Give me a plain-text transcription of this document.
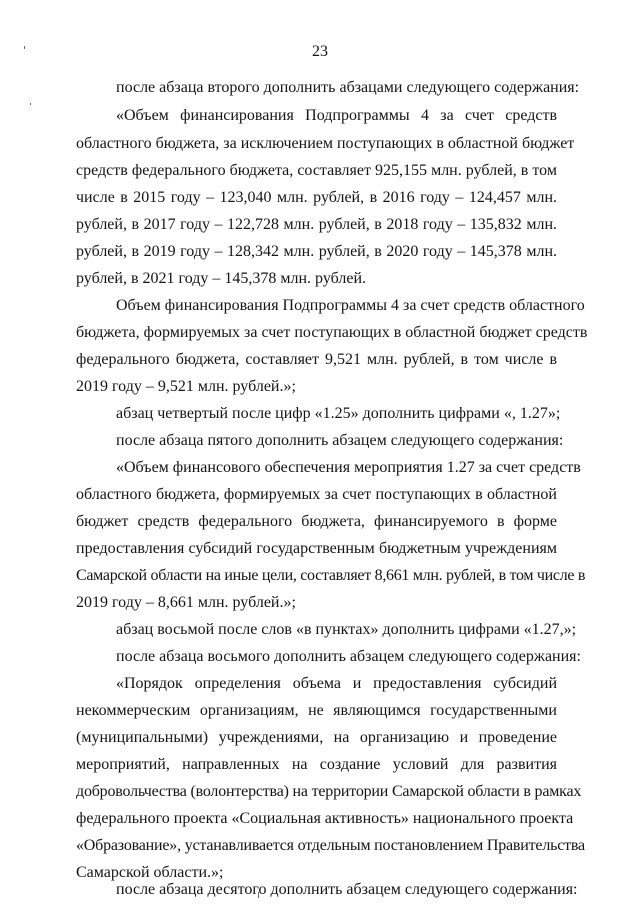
23
после абзаца второго дополнить абзацами следующего содержания:
«Объем финансирования Подпрограммы 4 за счет средств
областного бюджета, за исключением поступающих в областной бюджет
средств федерального бюджета, составляет 925,155 млн. рублей, в том
числе в 2015 году – 123,040 млн. рублей, в 2016 году – 124,457 млн.
рублей, в 2017 году – 122,728 млн. рублей, в 2018 году – 135,832 млн.
рублей, в 2019 году – 128,342 млн. рублей, в 2020 году – 145,378 млн.
рублей, в 2021 году – 145,378 млн. рублей.
Объем финансирования Подпрограммы 4 за счет средств областного
бюджета, формируемых за счет поступающих в областной бюджет средств
федерального бюджета, составляет 9,521 млн. рублей, в том числе в
2019 году – 9,521 млн. рублей.»;
абзац четвертый после цифр «1.25» дополнить цифрами «, 1.27»;
после абзаца пятого дополнить абзацем следующего содержания:
«Объем финансового обеспечения мероприятия 1.27 за счет средств
областного бюджета, формируемых за счет поступающих в областной
бюджет средств федерального бюджета, финансируемого в форме
предоставления субсидий государственным бюджетным учреждениям
Самарской области на иные цели, составляет 8,661 млн. рублей, в том числе в
2019 году – 8,661 млн. рублей.»;
абзац восьмой после слов «в пунктах» дополнить цифрами «1.27,»;
после абзаца восьмого дополнить абзацем следующего содержания:
«Порядок определения объема и предоставления субсидий
некоммерческим организациям, не являющимся государственными
(муниципальными) учреждениями, на организацию и проведение
мероприятий, направленных на создание условий для развития
добровольчества (волонтерства) на территории Самарской области в рамках
федерального проекта «Социальная активность» национального проекта
«Образование», устанавливается отдельным постановлением Правительства
Самарской области.»;
после абзаца десятого дополнить абзацем следующего содержания:
